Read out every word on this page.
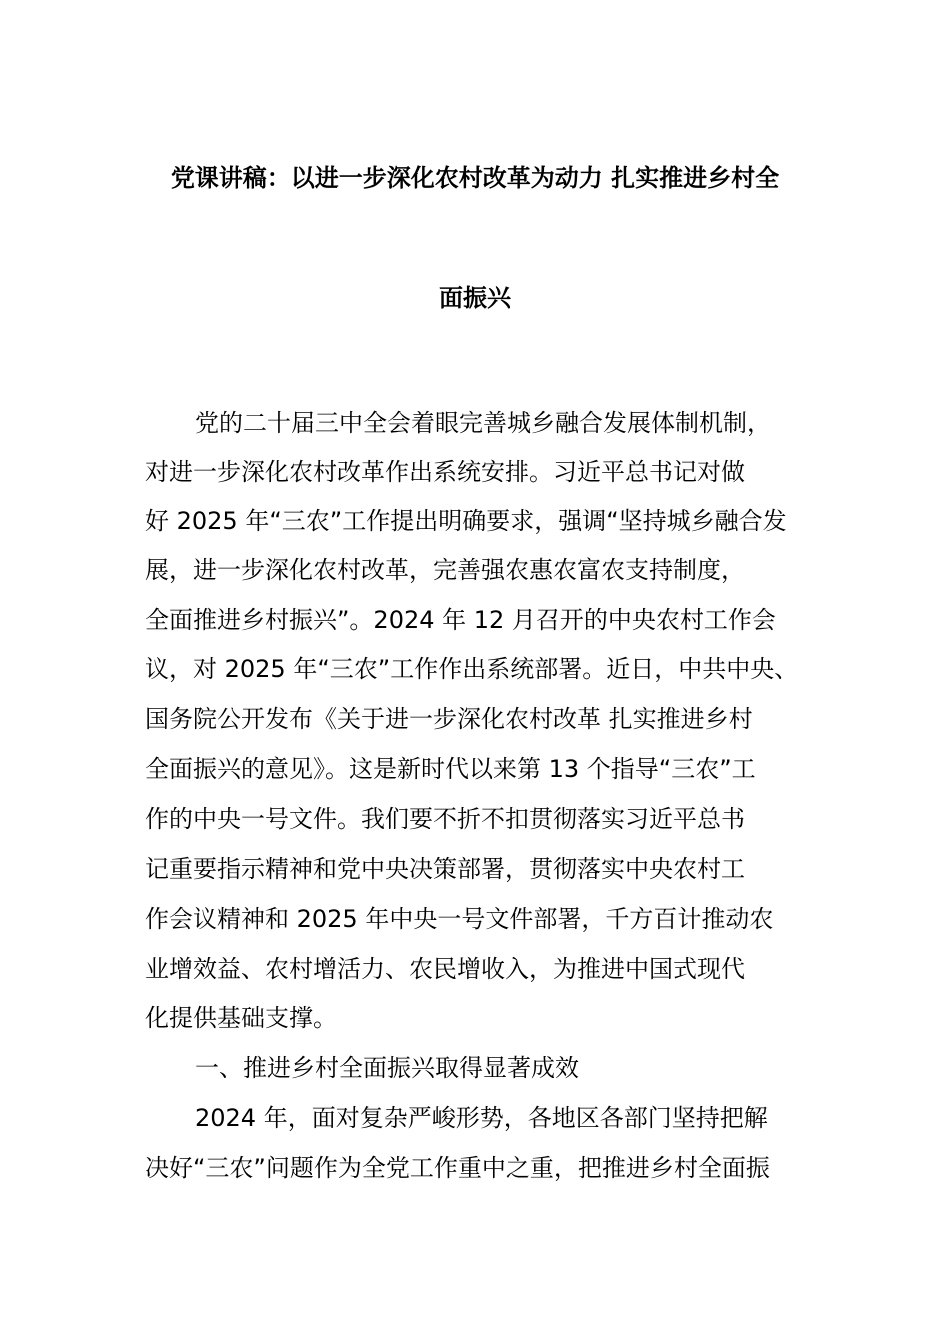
党课讲稿：以进一步深化农村改革为动力 扎实推进乡村全
面振兴
党的二十届三中全会着眼完善城乡融合发展体制机制，
对进一步深化农村改革作出系统安排。习近平总书记对做
好 2025 年“三农”工作提出明确要求，强调“坚持城乡融合发
展，进一步深化农村改革，完善强农惠农富农支持制度，
全面推进乡村振兴”。2024 年 12 月召开的中央农村工作会
议，对 2025 年“三农”工作作出系统部署。近日，中共中央、
国务院公开发布《关于进一步深化农村改革 扎实推进乡村
全面振兴的意见》。这是新时代以来第 13 个指导“三农”工
作的中央一号文件。我们要不折不扣贯彻落实习近平总书
记重要指示精神和党中央决策部署，贯彻落实中央农村工
作会议精神和 2025 年中央一号文件部署，千方百计推动农
业增效益、农村增活力、农民增收入，为推进中国式现代
化提供基础支撑。
一、推进乡村全面振兴取得显著成效
2024 年，面对复杂严峻形势，各地区各部门坚持把解
决好“三农”问题作为全党工作重中之重，把推进乡村全面振
